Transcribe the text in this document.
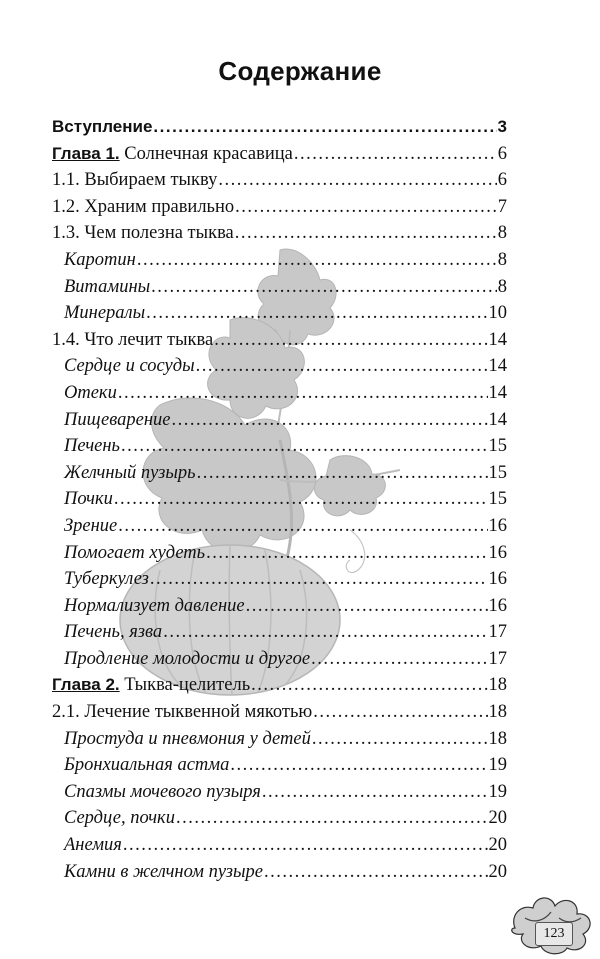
Содержание
Вступление .....	3
Глава 1. Солнечная красавица .....	6
1.1. Выбираем тыкву .....	6
1.2. Храним правильно .....	7
1.3. Чем полезна тыква .....	8
Каротин .....	8
Витамины .....	8
Минералы .....	10
1.4. Что лечит тыква .....	14
Сердце и сосуды .....	14
Отеки .....	14
Пищеварение .....	14
Печень .....	15
Желчный пузырь .....	15
Почки .....	15
Зрение .....	16
Помогает худеть .....	16
Туберкулез .....	16
Нормализует давление .....	16
Печень, язва .....	17
Продление молодости и другое .....	17
Глава 2. Тыква-целитель .....	18
2.1. Лечение тыквенной мякотью .....	18
Простуда и пневмония у детей .....	18
Бронхиальная астма .....	19
Спазмы мочевого пузыря .....	19
Сердце, почки .....	20
Анемия .....	20
Камни в желчном пузыре .....	20
123
